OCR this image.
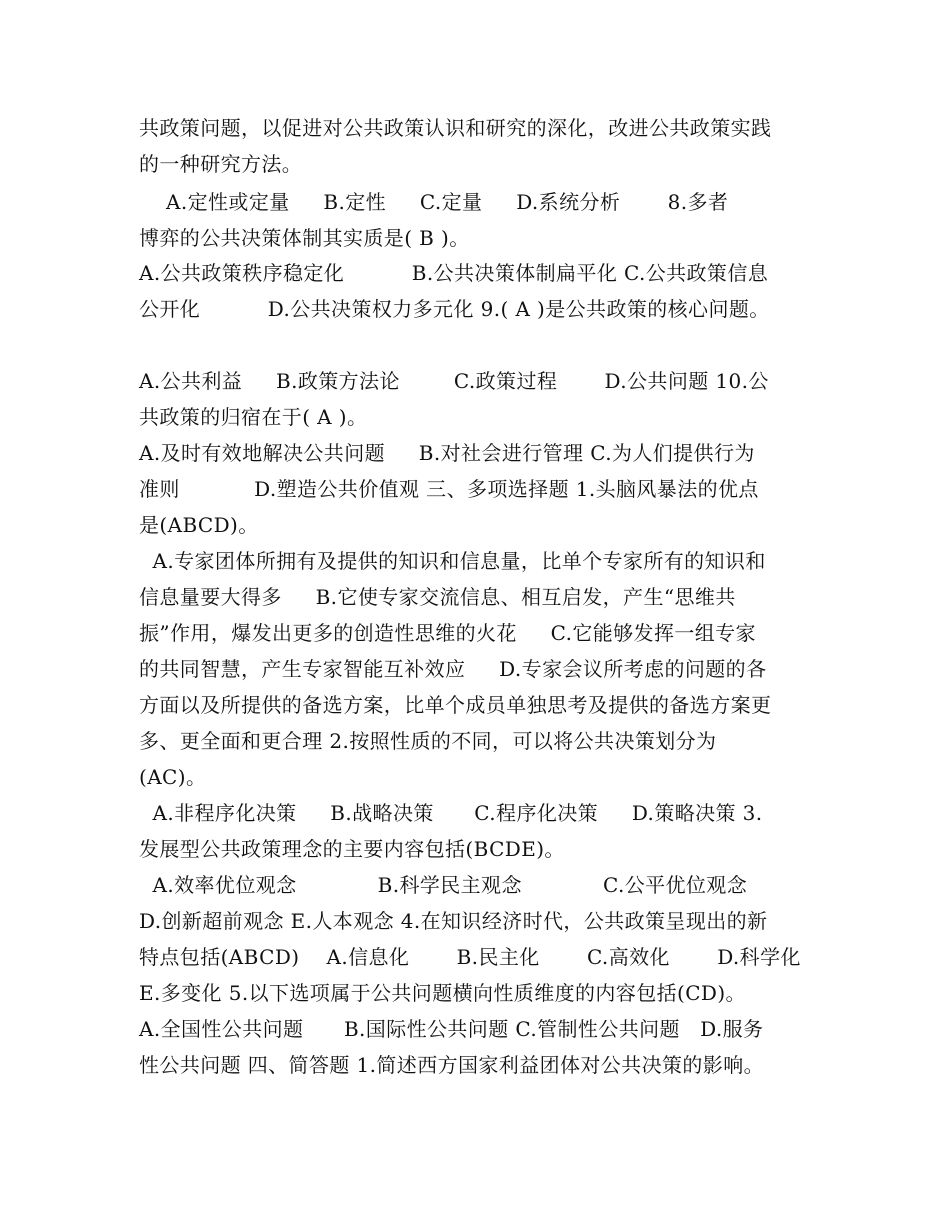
共政策问题，以促进对公共政策认识和研究的深化，改进公共政策实践
的一种研究方法。
A.定性或定量     B.定性     C.定量     D.系统分析       8.多者
博弈的公共决策体制其实质是( B )。
A.公共政策秩序稳定化          B.公共决策体制扁平化 C.公共政策信息
公开化          D.公共决策权力多元化 9.( A )是公共政策的核心问题。
A.公共利益     B.政策方法论        C.政策过程       D.公共问题 10.公
共政策的归宿在于( A )。
A.及时有效地解决公共问题     B.对社会进行管理 C.为人们提供行为
准则           D.塑造公共价值观 三、多项选择题 1.头脑风暴法的优点
是(ABCD)。
A.专家团体所拥有及提供的知识和信息量，比单个专家所有的知识和
信息量要大得多     B.它使专家交流信息、相互启发，产生“思维共
振”作用，爆发出更多的创造性思维的火花     C.它能够发挥一组专家
的共同智慧，产生专家智能互补效应     D.专家会议所考虑的问题的各
方面以及所提供的备选方案，比单个成员单独思考及提供的备选方案更
多、更全面和更合理 2.按照性质的不同，可以将公共决策划分为
(AC)。
A.非程序化决策     B.战略决策      C.程序化决策     D.策略决策 3.
发展型公共政策理念的主要内容包括(BCDE)。
A.效率优位观念            B.科学民主观念            C.公平优位观念
D.创新超前观念 E.人本观念 4.在知识经济时代，公共政策呈现出的新
特点包括(ABCD)    A.信息化       B.民主化       C.高效化       D.科学化
E.多变化 5.以下选项属于公共问题横向性质维度的内容包括(CD)。
A.全国性公共问题      B.国际性公共问题 C.管制性公共问题   D.服务
性公共问题 四、简答题 1.简述西方国家利益团体对公共决策的影响。
